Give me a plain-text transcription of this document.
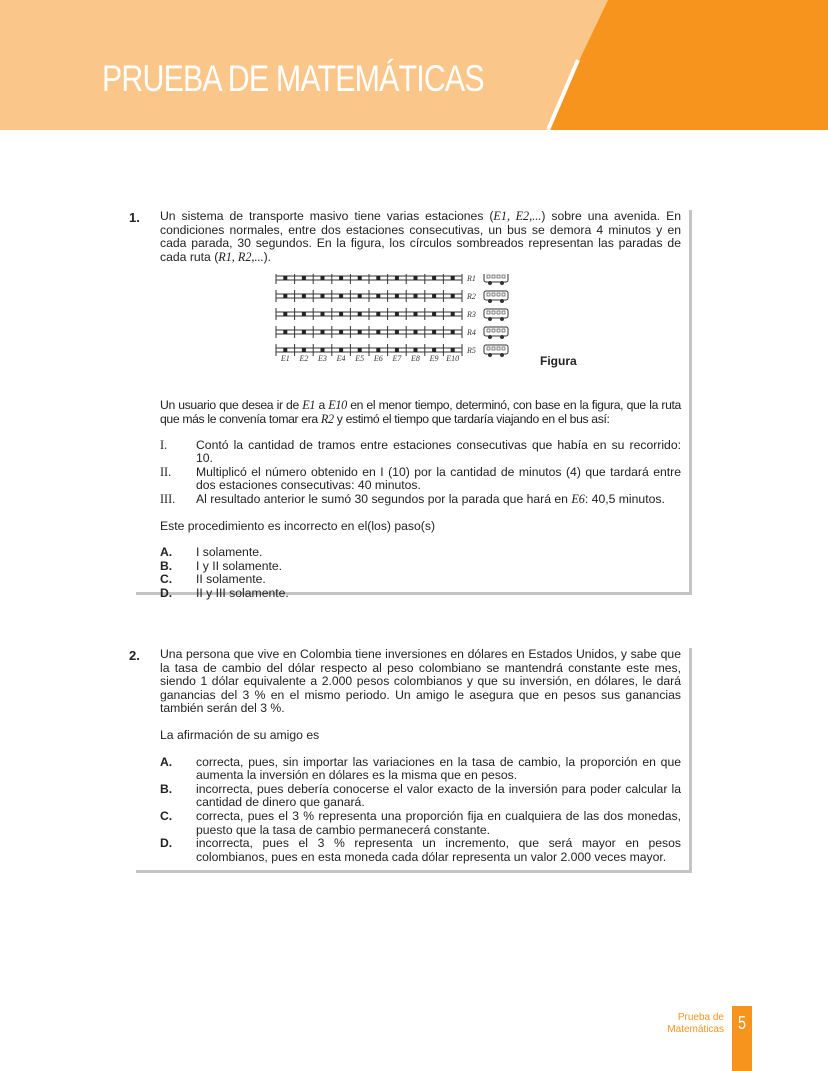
PRUEBA DE MATEMÁTICAS
1. Un sistema de transporte masivo tiene varias estaciones (E1, E2,...) sobre una avenida. En condiciones normales, entre dos estaciones consecutivas, un bus se demora 4 minutos y en cada parada, 30 segundos. En la figura, los círculos sombreados representan las paradas de cada ruta (R1, R2,...).

R1
R2
R3
R4
R5
E1 E2 E3 E4 E5 E6 E7 E8 E9 E10	Figura

Un usuario que desea ir de E1 a E10 en el menor tiempo, determinó, con base en la figura, que la ruta que más le convenía tomar era R2 y estimó el tiempo que tardaría viajando en el bus así:

I. Contó la cantidad de tramos entre estaciones consecutivas que había en su recorrido: 10.
II. Multiplicó el número obtenido en I (10) por la cantidad de minutos (4) que tardará entre dos estaciones consecutivas: 40 minutos.
III. Al resultado anterior le sumó 30 segundos por la parada que hará en E6: 40,5 minutos.

Este procedimiento es incorrecto en el(los) paso(s)

A. I solamente.
B. I y II solamente.
C. II solamente.
D. II y III solamente.
2. Una persona que vive en Colombia tiene inversiones en dólares en Estados Unidos, y sabe que la tasa de cambio del dólar respecto al peso colombiano se mantendrá constante este mes, siendo 1 dólar equivalente a 2.000 pesos colombianos y que su inversión, en dólares, le dará ganancias del 3 % en el mismo periodo. Un amigo le asegura que en pesos sus ganancias también serán del 3 %.

La afirmación de su amigo es

A. correcta, pues, sin importar las variaciones en la tasa de cambio, la proporción en que aumenta la inversión en dólares es la misma que en pesos.
B. incorrecta, pues debería conocerse el valor exacto de la inversión para poder calcular la cantidad de dinero que ganará.
C. correcta, pues el 3 % representa una proporción fija en cualquiera de las dos monedas, puesto que la tasa de cambio permanecerá constante.
D. incorrecta, pues el 3 % representa un incremento, que será mayor en pesos colombianos, pues en esta moneda cada dólar representa un valor 2.000 veces mayor.
Prueba de
Matemáticas 5
